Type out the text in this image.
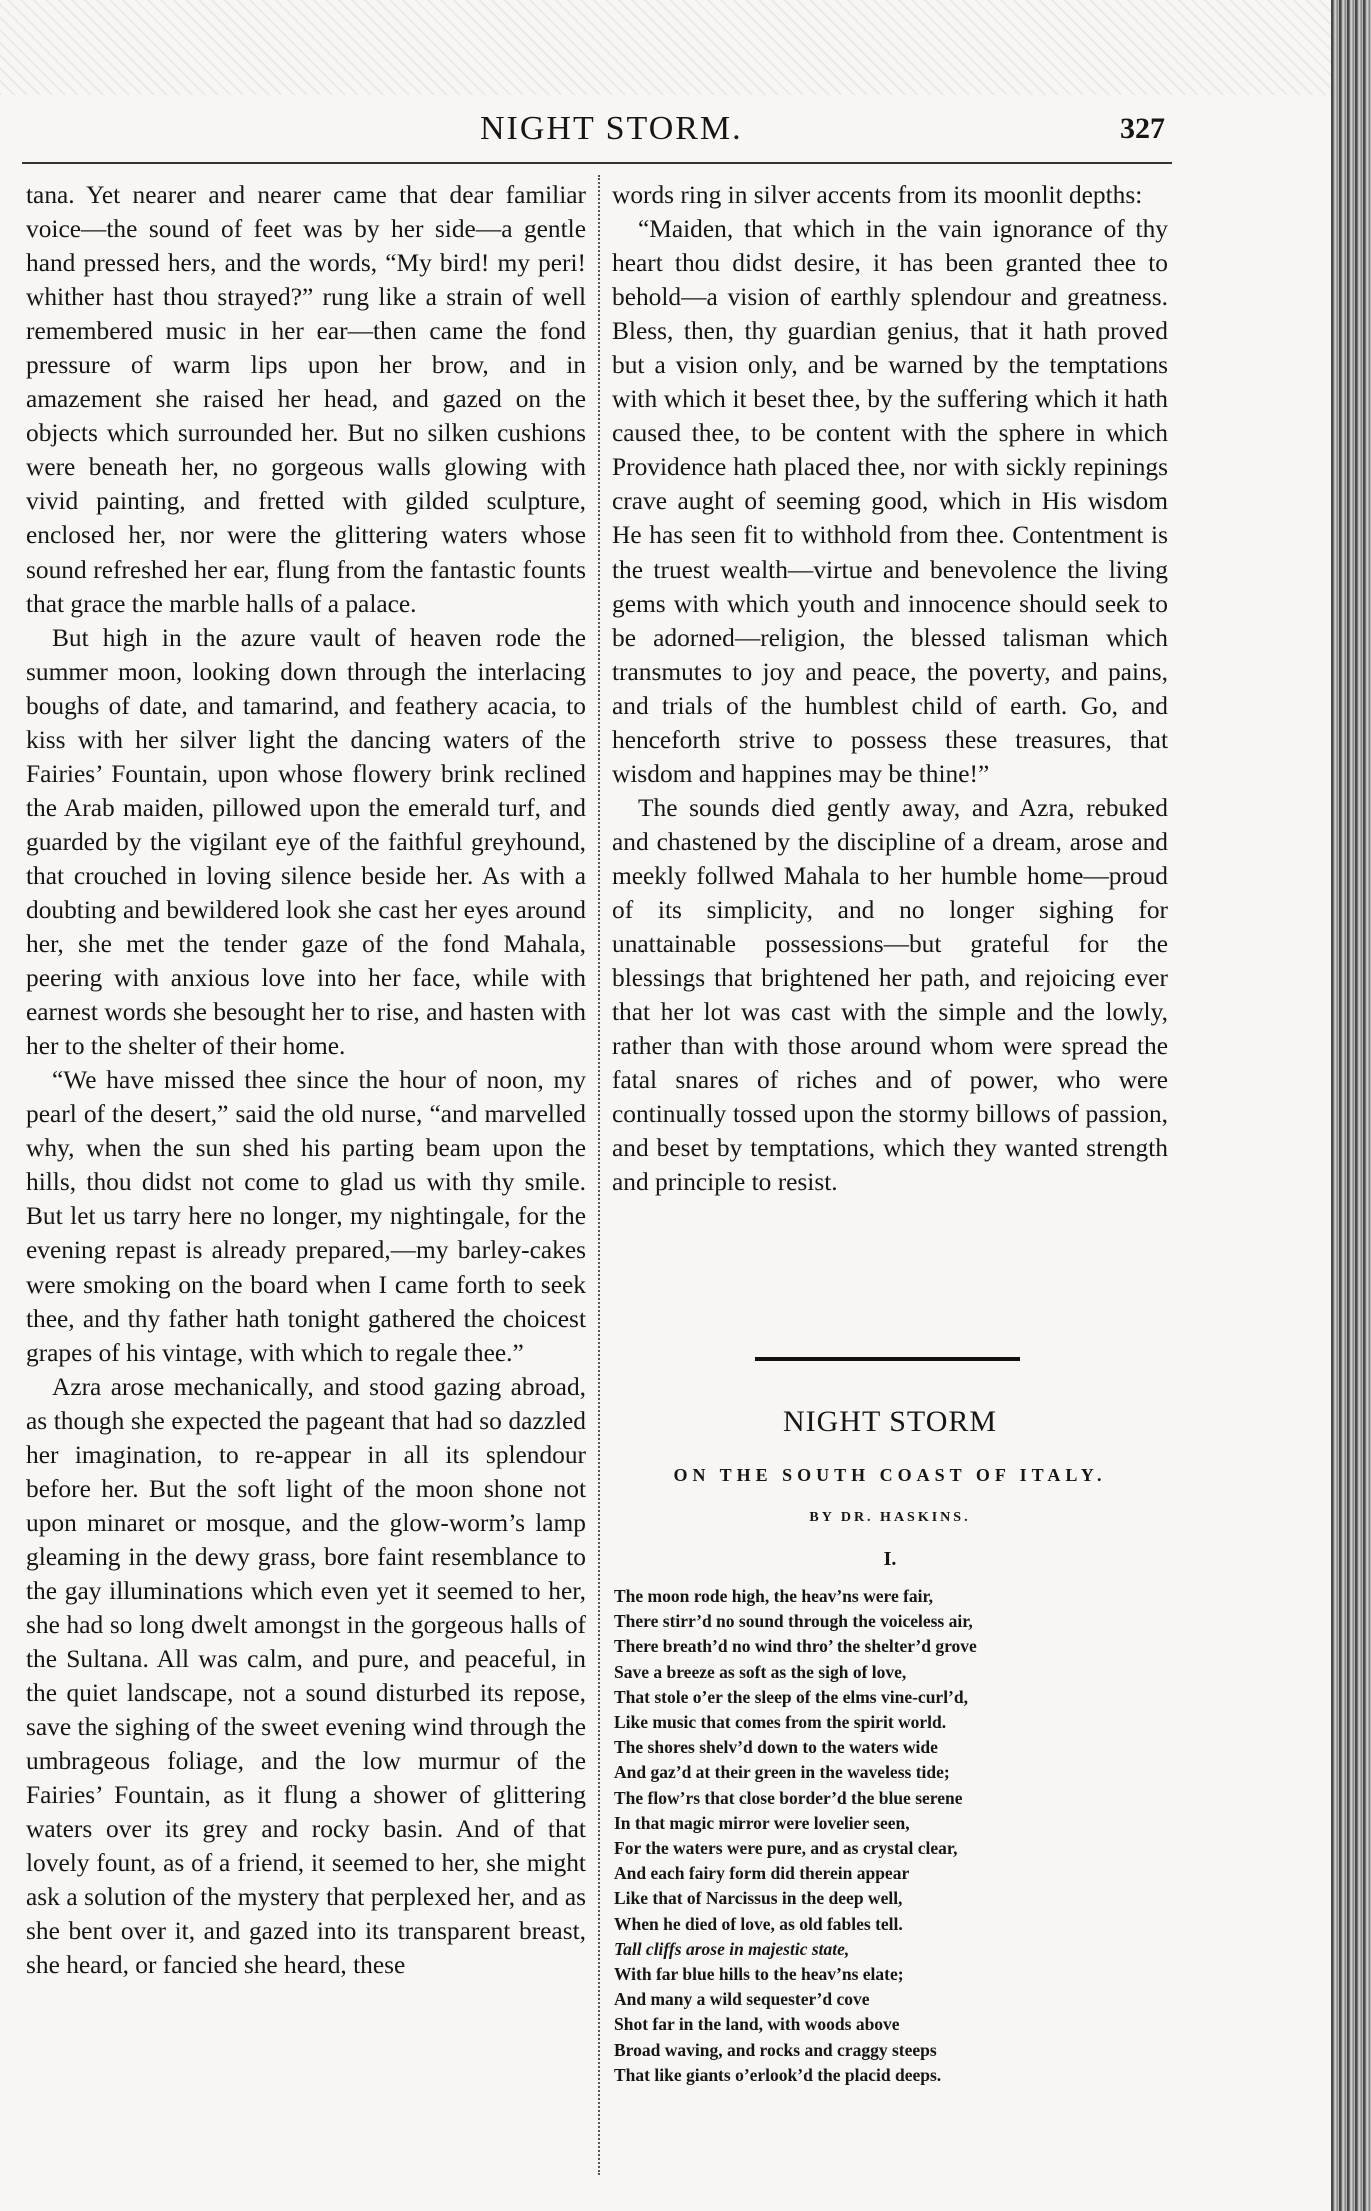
NIGHT STORM.	327

tana. Yet nearer and nearer came that dear familiar voice—the sound of feet was by her side—a gentle hand pressed hers, and the words, “My bird! my peri! whither hast thou strayed?” rung like a strain of well remembered music in her ear—then came the fond pressure of warm lips upon her brow, and in amazement she raised her head, and gazed on the objects which surrounded her. But no silken cushions were beneath her, no gorgeous walls glowing with vivid painting, and fretted with gilded sculpture, enclosed her, nor were the glittering waters whose sound refreshed her ear, flung from the fantastic founts that grace the marble halls of a palace.

But high in the azure vault of heaven rode the summer moon, looking down through the interlacing boughs of date, and tamarind, and feathery acacia, to kiss with her silver light the dancing waters of the Fairies’ Fountain, upon whose flowery brink reclined the Arab maiden, pillowed upon the emerald turf, and guarded by the vigilant eye of the faithful greyhound, that crouched in loving silence beside her. As with a doubting and bewildered look she cast her eyes around her, she met the tender gaze of the fond Mahala, peering with anxious love into her face, while with earnest words she besought her to rise, and hasten with her to the shelter of their home.

“We have missed thee since the hour of noon, my pearl of the desert,” said the old nurse, “and marvelled why, when the sun shed his parting beam upon the hills, thou didst not come to glad us with thy smile. But let us tarry here no longer, my nightingale, for the evening repast is already prepared,—my barley-cakes were smoking on the board when I came forth to seek thee, and thy father hath tonight gathered the choicest grapes of his vintage, with which to regale thee.”

Azra arose mechanically, and stood gazing abroad, as though she expected the pageant that had so dazzled her imagination, to re-appear in all its splendour before her. But the soft light of the moon shone not upon minaret or mosque, and the glow-worm’s lamp gleaming in the dewy grass, bore faint resemblance to the gay illuminations which even yet it seemed to her, she had so long dwelt amongst in the gorgeous halls of the Sultana. All was calm, and pure, and peaceful, in the quiet landscape, not a sound disturbed its repose, save the sighing of the sweet evening wind through the umbrageous foliage, and the low murmur of the Fairies’ Fountain, as it flung a shower of glittering waters over its grey and rocky basin. And of that lovely fount, as of a friend, it seemed to her, she might ask a solution of the mystery that perplexed her, and as she bent over it, and gazed into its transparent breast, she heard, or fancied she heard, these

words ring in silver accents from its moonlit depths:

“Maiden, that which in the vain ignorance of thy heart thou didst desire, it has been granted thee to behold—a vision of earthly splendour and greatness. Bless, then, thy guardian genius, that it hath proved but a vision only, and be warned by the temptations with which it beset thee, by the suffering which it hath caused thee, to be content with the sphere in which Providence hath placed thee, nor with sickly repinings crave aught of seeming good, which in His wisdom He has seen fit to withhold from thee. Contentment is the truest wealth—virtue and benevolence the living gems with which youth and innocence should seek to be adorned—religion, the blessed talisman which transmutes to joy and peace, the poverty, and pains, and trials of the humblest child of earth. Go, and henceforth strive to possess these treasures, that wisdom and happines may be thine!”

The sounds died gently away, and Azra, rebuked and chastened by the discipline of a dream, arose and meekly follwed Mahala to her humble home—proud of its simplicity, and no longer sighing for unattainable possessions—but grateful for the blessings that brightened her path, and rejoicing ever that her lot was cast with the simple and the lowly, rather than with those around whom were spread the fatal snares of riches and of power, who were continually tossed upon the stormy billows of passion, and beset by temptations, which they wanted strength and principle to resist.

NIGHT STORM
ON THE SOUTH COAST OF ITALY.
BY DR. HASKINS.
I.
The moon rode high, the heav’ns were fair,
There stirr’d no sound through the voiceless air,
There breath’d no wind thro’ the shelter’d grove
Save a breeze as soft as the sigh of love,
That stole o’er the sleep of the elms vine-curl’d,
Like music that comes from the spirit world.
The shores shelv’d down to the waters wide
And gaz’d at their green in the waveless tide;
The flow’rs that close border’d the blue serene
In that magic mirror were lovelier seen,
For the waters were pure, and as crystal clear,
And each fairy form did therein appear
Like that of Narcissus in the deep well,
When he died of love, as old fables tell.
Tall cliffs arose in majestic state,
With far blue hills to the heav’ns elate;
And many a wild sequester’d cove
Shot far in the land, with woods above
Broad waving, and rocks and craggy steeps
That like giants o’erlook’d the placid deeps.
